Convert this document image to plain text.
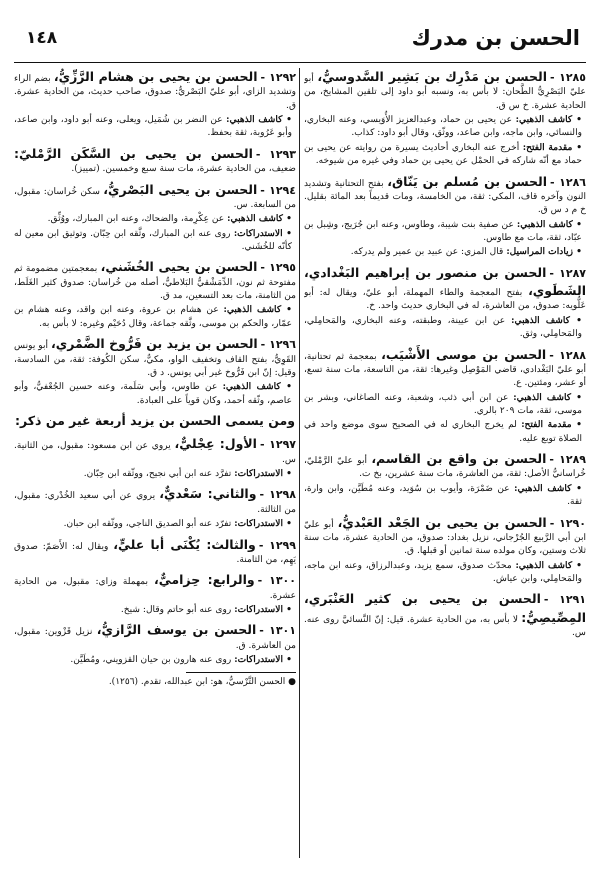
الحسن بن مدرك
١٤٨

١٢٨٥ -الحسن بن مَدْرِك بن بَشِير السَّدوسيُّ، أبو عليّ البَصْرِيُّ الطَّحان: لا بأس به، ونسبه أبو داود إلى تلقين المشايخ، من الحادية عشرة. خ س ق.

• كاشف الذهبي: عن يحيى بن حماد، وعبدالعزيز الأُوَيسي، وعنه البخاري، والنسائي، وابن ماجه، وابن صاعد، ووثّق، وقال أبو داود: كذاب.

• مقدمة الفتح: أخرج عنه البخاري أحاديث يسيرة من روايته عن يحيى بن حماد مع أنّه شاركه في الحمْل عن يحيى بن حماد وفي غيره من شيوخه.

١٢٨٦ -الحسن بن مُسلم بن يَنّاق، بفتح التحتانية وتشديد النون وآخره قاف، المكي: ثقة، من الخامسة، ومات قديماً بعد المائة بقليل. خ م د س ق.

• كاشف الذهبي: عن صفية بنت شيبة، وطاوس، وعنه ابن جُرَيج، وشِبل بن عبّاد، ثقة، مات مع طاوس.

• زيادات المراسيل: قال المزي: عن عبيد بن عمير ولم يدركه.

١٢٨٧ -الحسن بن منصور بن إبراهيم البَغْدادي، الشَطَوي، بفتح المعجمة والطاء المهملة، أبو عليّ، ويقال له: أبو عَلُّويه: صدوق، من العاشرة، له في البخاري حديث واحد. خ.

• كاشف الذهبي: عن ابن عيينة، وطبقته، وعنه البخاري، والمَحامِلي، والمَحامِلي، وثق.

١٢٨٨ -الحسن بن موسى الأَشْيَب، بمعجمة ثم تحتانية، أبو عليّ البَغْدادي، قاضي المَوْصِل وغيرها: ثقة، من التاسعة، مات سنة تسع، أو عشر، ومئتين. ع.

• كاشف الذهبي: عن ابن أبي ذئب، وشعبة، وعنه الصاغاني، وبشر بن موسى، ثقة، مات ٢٠٩ بالري.

• مقدمة الفتح: لم يخرج البخاري له في الصحيح سوى موضع واحد في الصلاة توبع عليه.

١٢٨٩ -الحسن بن واقع بن القاسم، أبو عليّ الرَّمْليّ، خُراسانيُّ الأصل: ثقة، من العاشرة، مات سنة عشرين، بخ ت.

• كاشف الذهبي: عن ضَمْرَة، وأيوب بن سُوَيد، وعنه مُطَيَّن، وابن وارة، ثقة.

١٢٩٠ -الحسن بن يحيى بن الجَعْد العَبْديُّ، أبو عليّ ابن أبي الرَّبيع الجُرْجاني، نزيل بغداد: صدوق، من الحادية عشرة، مات سنة ثلاث وستين، وكان مولده سنة ثمانين أو قبلها. ق.

• كاشف الذهبي: محدّث صدوق، سمع يزيد، وعبدالرزاق، وعنه ابن ماجه، والمَحامِلي، وابن عياش.

١٢٩١ -الحسن بن يحيى بن كثير العَنْبَري، المِصِّيصِيُّ: لا بأس به، من الحادية عشرة. قيل: إنّ النَّسائيَّ روى عنه. س.

١٢٩٢ -الحسن بن يحيى بن هشام الرَّزِّيُّ، بضم الراء وتشديد الزاي، أبو عليّ البَصْريُّ: صدوق، صاحب حديث، من الحادية عشرة. ق.

• كاشف الذهبي: عن النضر بن شُمَيل، ويعلى، وعنه أبو داود، وابن صاعد، وأبو عَرُوبة، ثقة بحفظ.

١٢٩٣ -الحسن بن يحيى بن السَّكَن الرَّمْليّ: ضعيف، من الحادية عشرة، مات سنة سبع وخمسين. (تمييز).

١٢٩٤ -الحسن بن يحيى البَصْريُّ، سكن خُراسان: مقبول، من السابعة. س.

• كاشف الذهبي: عن عِكْرِمة، والضحاك، وعنه ابن المبارك، ووُثِّق.

• الاستدراكات: روى عنه ابن المبارك، وثَّقه ابن حِبّان. وتوثيق ابن معين له كأنّه للخُشَني.

١٢٩٥ -الحسن بن يحيى الخُشَني، بمعجمتين مضمومة ثم مفتوحة ثم نون، الدِّمَشْقيُّ البَلاطيُّ، أصله من خُراسان: صدوق كثير الغَلَط، من الثامنة، مات بعد التسعين، مد ق.

• كاشف الذهبي: عن هشام بن عروة، وعنه ابن واقد، وعنه هشام بن عمّار، والحكم بن موسى، وثَّقه جماعة، وقال دُحَيْم وغيره: لا بأس به.

١٢٩٦ -الحسن بن يزيد بن فَرُّوخ الضَّمْري، أبو يونس القَوِيُّ، بفتح القاف وتخفيف الواو، مكيٌّ، سكن الكُوفة: ثقة، من السادسة، وقيل: إنّ ابن فَرُّوخ غير أبي يونس. د ق.

• كاشف الذهبي: عن طاوس، وأبي سَلَمة، وعنه حسين الجُعْفيُّ، وأبو عاصم، وثّقه أحمد، وكان قوياً على العبادة.

ومن يسمى الحسن بن يزيد أربعة غير من ذكر:

١٢٩٧ -الأول: عِجْليٌّ، يروي عن ابن مسعود: مقبول، من الثانية. س.

• الاستدراكات: تفرَّد عنه ابن أبي نجيح، ووثّقه ابن حِبّان.

١٢٩٨ -والثاني: سَعْديٌّ، يروي عن أبي سعيد الخُدْري: مقبول، من الثالثة.

• الاستدراكات: تفرّد عنه أبو الصديق الناجي، ووثّقه ابن حبان.

١٢٩٩ -والثالث: يُكْنَى أبا عليٍّ، ويقال له: الأَصَمّ: صدوق يَهِم، من الثامنة.

١٣٠٠ -والرابع: حِزاميٌّ، بمهملة وزاي: مقبول، من الحادية عشرة.

• الاستدراكات: روى عنه أبو حاتم وقال: شيخ.

١٣٠١ -الحسن بن يوسف الرَّازيُّ، نزيل قَزْوين: مقبول، من العاشرة. ق.

• الاستدراكات: روى عنه هارون بن حيان القزويني، ومُطَيَّن.

● الحسن التَّرْسيُّ، هو: ابن عبدالله، تقدم. (١٢٥٦).
